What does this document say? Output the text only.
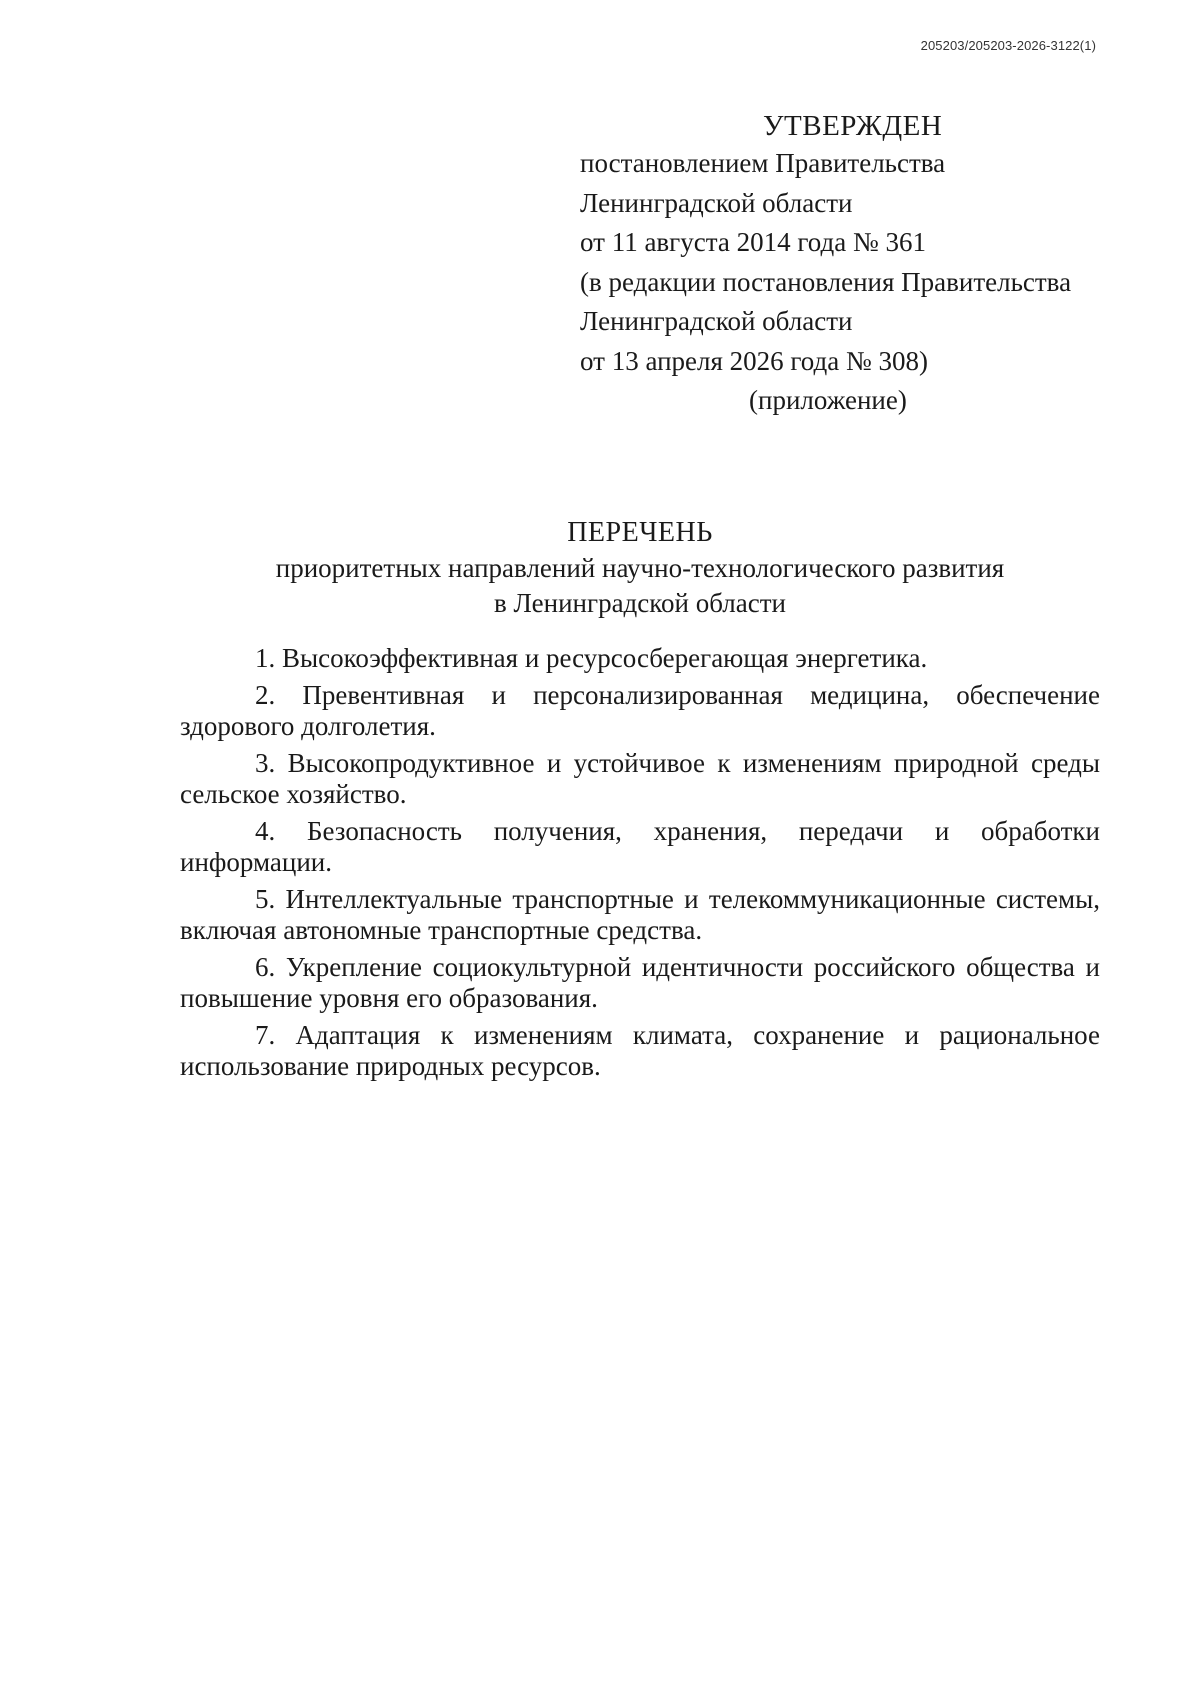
205203/205203-2026-3122(1)
УТВЕРЖДЕН
постановлением Правительства
Ленинградской области
от 11 августа 2014 года № 361
(в редакции постановления Правительства
Ленинградской области
от 13 апреля 2026 года № 308)
(приложение)
ПЕРЕЧЕНЬ
приоритетных направлений научно-технологического развития
в Ленинградской области

1. Высокоэффективная и ресурсосберегающая энергетика.

2. Превентивная и персонализированная медицина, обеспечение здорового долголетия.

3. Высокопродуктивное и устойчивое к изменениям природной среды сельское хозяйство.

4. Безопасность получения, хранения, передачи и обработки информации.

5. Интеллектуальные транспортные и телекоммуникационные системы, включая автономные транспортные средства.

6. Укрепление социокультурной идентичности российского общества и повышение уровня его образования.

7. Адаптация к изменениям климата, сохранение и рациональное использование природных ресурсов.
